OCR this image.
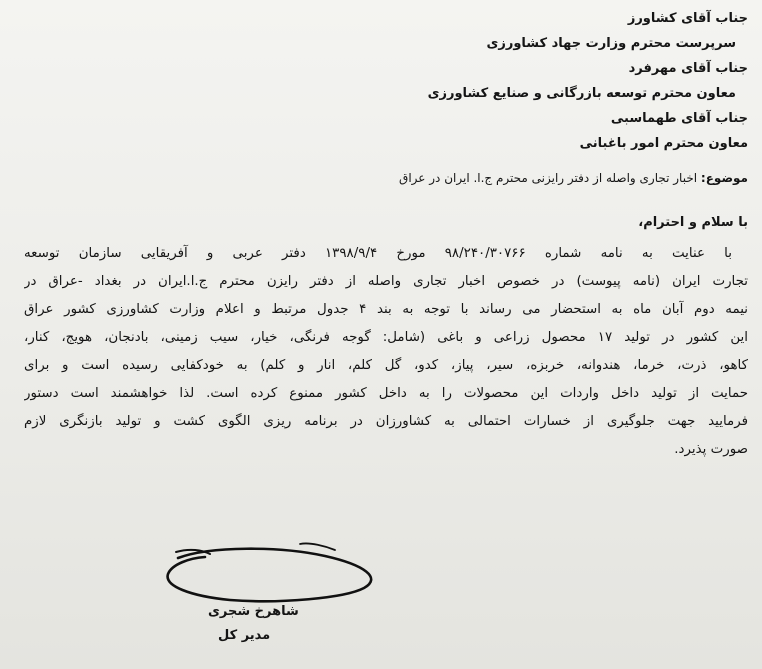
جناب آقای کشاورز
سرپرست محترم وزارت جهاد کشاورزی
جناب آقای مهرفرد
معاون محترم توسعه بازرگانی و صنایع کشاورزی
جناب آقای طهماسبی
معاون محترم امور باغبانی
موضوع: اخبار تجاری واصله از دفتر رایزنی محترم ج.ا. ایران در عراق
با سلام و احترام،
با عنایت به نامه شماره ۹۸/۲۴۰/۳۰۷۶۶ مورخ ۱۳۹۸/۹/۴ دفتر عربی و آفریقایی سازمان توسعه
تجارت ایران (نامه پیوست) در خصوص اخبار تجاری واصله از دفتر رایزن محترم ج.ا.ایران در بغداد -عراق در
نیمه دوم آبان ماه به استحضار می رساند با توجه به بند ۴ جدول مرتبط و اعلام وزارت کشاورزی کشور عراق
این کشور در تولید ۱۷ محصول زراعی و باغی (شامل: گوجه فرنگی، خیار، سیب زمینی، بادنجان، هویج، کنار،
کاهو، ذرت، خرما، هندوانه، خربزه، سیر، پیاز، کدو، گل کلم، انار و کلم) به خودکفایی رسیده است و برای
حمایت از تولید داخل واردات این محصولات را به داخل کشور ممنوع کرده است. لذا خواهشمند است دستور
فرمایید جهت جلوگیری از خسارات احتمالی به کشاورزان در برنامه ریزی الگوی کشت و تولید بازنگری لازم
صورت پذیرد.
شاهرخ شجری
مدیر کل
